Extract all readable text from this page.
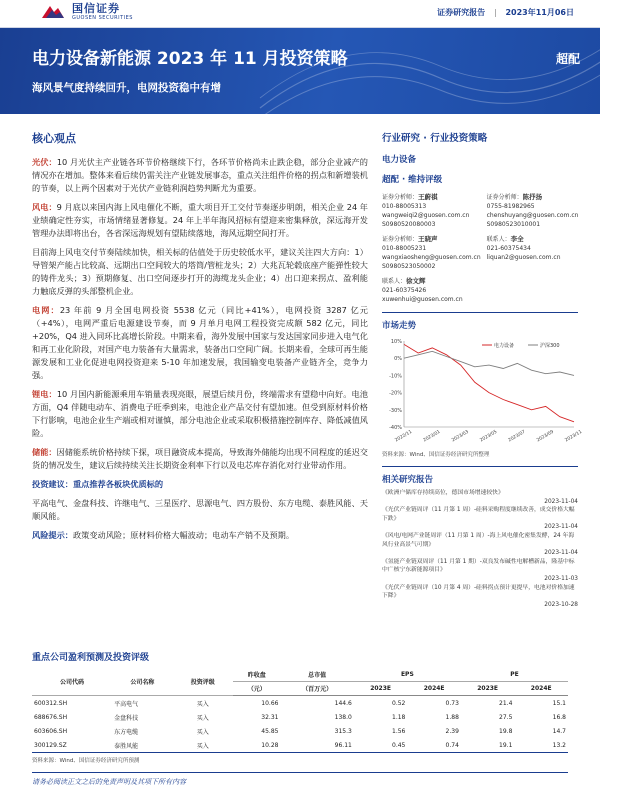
国信证券
GUOSEN SECURITIES
证券研究报告 | 2023年11月06日
电力设备新能源 2023 年 11 月投资策略
海风景气度持续回升，电网投资稳中有增
超配
核心观点

光伏：10 月光伏主产业链各环节价格继续下行，各环节价格尚未止跌企稳，部分企业减产的情况亦在增加。整体来看后续仍需关注产业链发展事态，重点关注组件价格的拐点和新增装机的节奏，以上两个因素对于光伏产业链利润趋势判断尤为重要。

风电：9 月底以来国内海上风电催化不断，重大项目开工交付节奏逐步明朗，相关企业 24 年业绩确定性夯实，市场情绪显著修复。24 年上半年海风招标有望迎来密集释放，深远海开发管理办法即将出台，各省深远海规划有望陆续落地，海风远期空间打开。

目前海上风电交付节奏陆续加快，相关标的估值处于历史较低水平，建议关注四大方向：1）导管架产能占比较高、远期出口空间较大的塔筒/管桩龙头；2）大兆瓦轮毂底座产能弹性较大的铸件龙头；3）预期修复、出口空间逐步打开的海缆龙头企业；4）出口迎来拐点、盈利能力触底反弹的头部整机企业。

电网：23 年前 9 月全国电网投资 5538 亿元（同比+41%），电网投资 3287 亿元（+4%），电网严重后电源建设节奏，而 9 月单月电网工程投资完成额 582 亿元，同比+20%，Q4 进入同环比高增长阶段。中期来看，海外发展中国家与发达国家同步进入电气化和再工业化阶段，对国产电力装备有大量需求，装备出口空间广阔。长期来看，全球可再生能源发展和工业化促进电网投资迎来 5-10 年加速发展，我国输变电装备产业链齐全，竞争力强。

锂电：10 月国内新能源乘用车销量表现亮眼，展望后续月份，终端需求有望稳中向好。电池方面，Q4 伴随电动车、消费电子旺季到来，电池企业产品交付有望加速。但受到原材料价格下行影响，电池企业生产端或相对谨慎，部分电池企业或采取积极措施控制库存、降低减值风险。

储能：因储能系统价格持续下探，项目融资成本提高，导致海外储能均出现不同程度的延迟交货的情况发生，建议后续持续关注长期资金利率下行以及电芯库存消化对行业带动作用。

投资建议：重点推荐各板块优质标的

平高电气、金盘科技、许继电气、三星医疗、思源电气、四方股份、东方电缆、泰胜风能、天顺风能。

风险提示：政策变动风险；原材料价格大幅波动；电动车产销不及预期。

行业研究 · 行业投资策略
电力设备
超配 · 维持评级
证券分析师：王蔚祺
010-88005313
wangweiqi2@guosen.com.cn
S0980520080003
证券分析师：陈抒扬
0755-81982965
chenshuyang@guosen.com.cn
S0980523010001
证券分析师：王晓声
010-88005231
wangxiaosheng@guosen.com.cn
S0980523050002
联系人：李全
021-60375434
liquan2@guosen.com.cn
联系人：徐文辉
021-60375426
xuwenhui@guosen.com.cn
市场走势
10%
0%
-10%
-20%
-30%
-40%
2022/11 2023/01 2023/03 2023/05 2023/07 2023/09 2023/11
电力设备	沪深300
资料来源：Wind、国信证券经济研究所整理
相关研究报告
《欧洲户储库存持续高位，德国市场增速较快》
2023-11-04
《光伏产业链周评（11 月第 1 周）-硅料采购程度继续改善，成交价格大幅下跌》
2023-11-04
《风电/电网产业链周评（11 月第 1 周）-海上风电催化密集发酵，24 年海风行业高景气可期》
2023-11-04
《氢能产业链双周评（11 月第 1 期）-双良发布碱性电解槽新品，隆基中标中广核宁东新能源项目》
2023-11-03
《光伏产业链周评（10 月第 4 周）-硅料拐点预计更提早，电池对价格加速下降》
2023-10-28
重点公司盈利预测及投资评级
公司代码	公司名称	投资评级	昨收盘	总市值	EPS		PE	
			（元）	（百万元）	2023E	2024E	2023E	2024E
600312.SH	平高电气	买入	10.66	144.6	0.52	0.73	21.4	15.1
688676.SH	金盘科技	买入	32.31	138.0	1.18	1.88	27.5	16.8
603606.SH	东方电缆	买入	45.85	315.3	1.56	2.39	19.8	14.7
300129.SZ	泰胜风能	买入	10.28	96.11	0.45	0.74	19.1	13.2
资料来源：Wind、国信证券经济研究所预测
请务必阅读正文之后的免责声明及其项下所有内容
